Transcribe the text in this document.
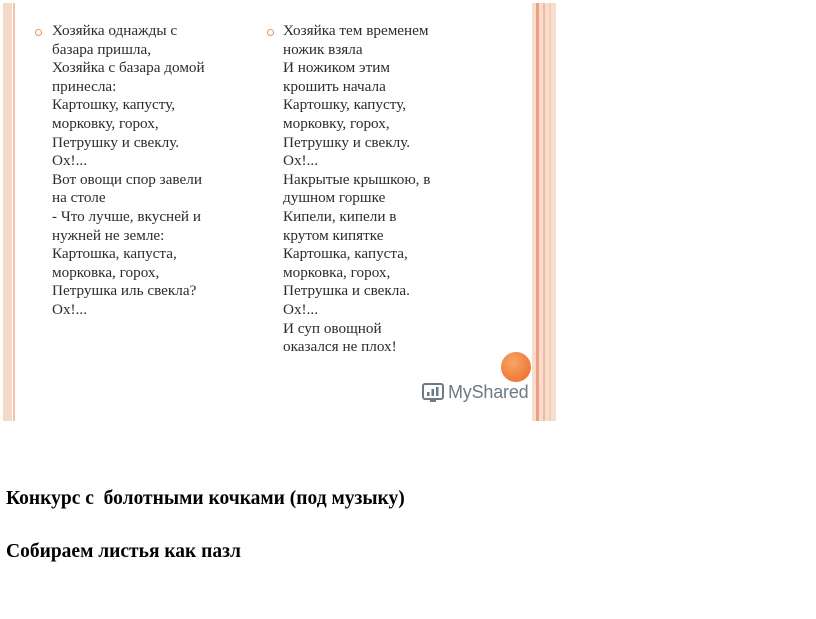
Хозяйка однажды с
базара пришла,
Хозяйка с базара домой
принесла:
Картошку, капусту,
морковку, горох,
Петрушку и свеклу.
Ох!...
Вот овощи спор завели
на столе
- Что лучше, вкусней и
нужней не земле:
Картошка, капуста,
морковка, горох,
Петрушка иль свекла?
Ох!...
Хозяйка тем временем
ножик взяла
И ножиком этим
крошить начала
Картошку, капусту,
морковку, горох,
Петрушку и свеклу.
Ох!...
Накрытые крышкою, в
душном горшке
Кипели, кипели в
крутом кипятке
Картошка, капуста,
морковка, горох,
Петрушка и свекла.
Ох!...
И суп овощной
оказался не плох!
MyShared
Конкурс с  болотными кочками (под музыку)
Собираем листья как пазл
